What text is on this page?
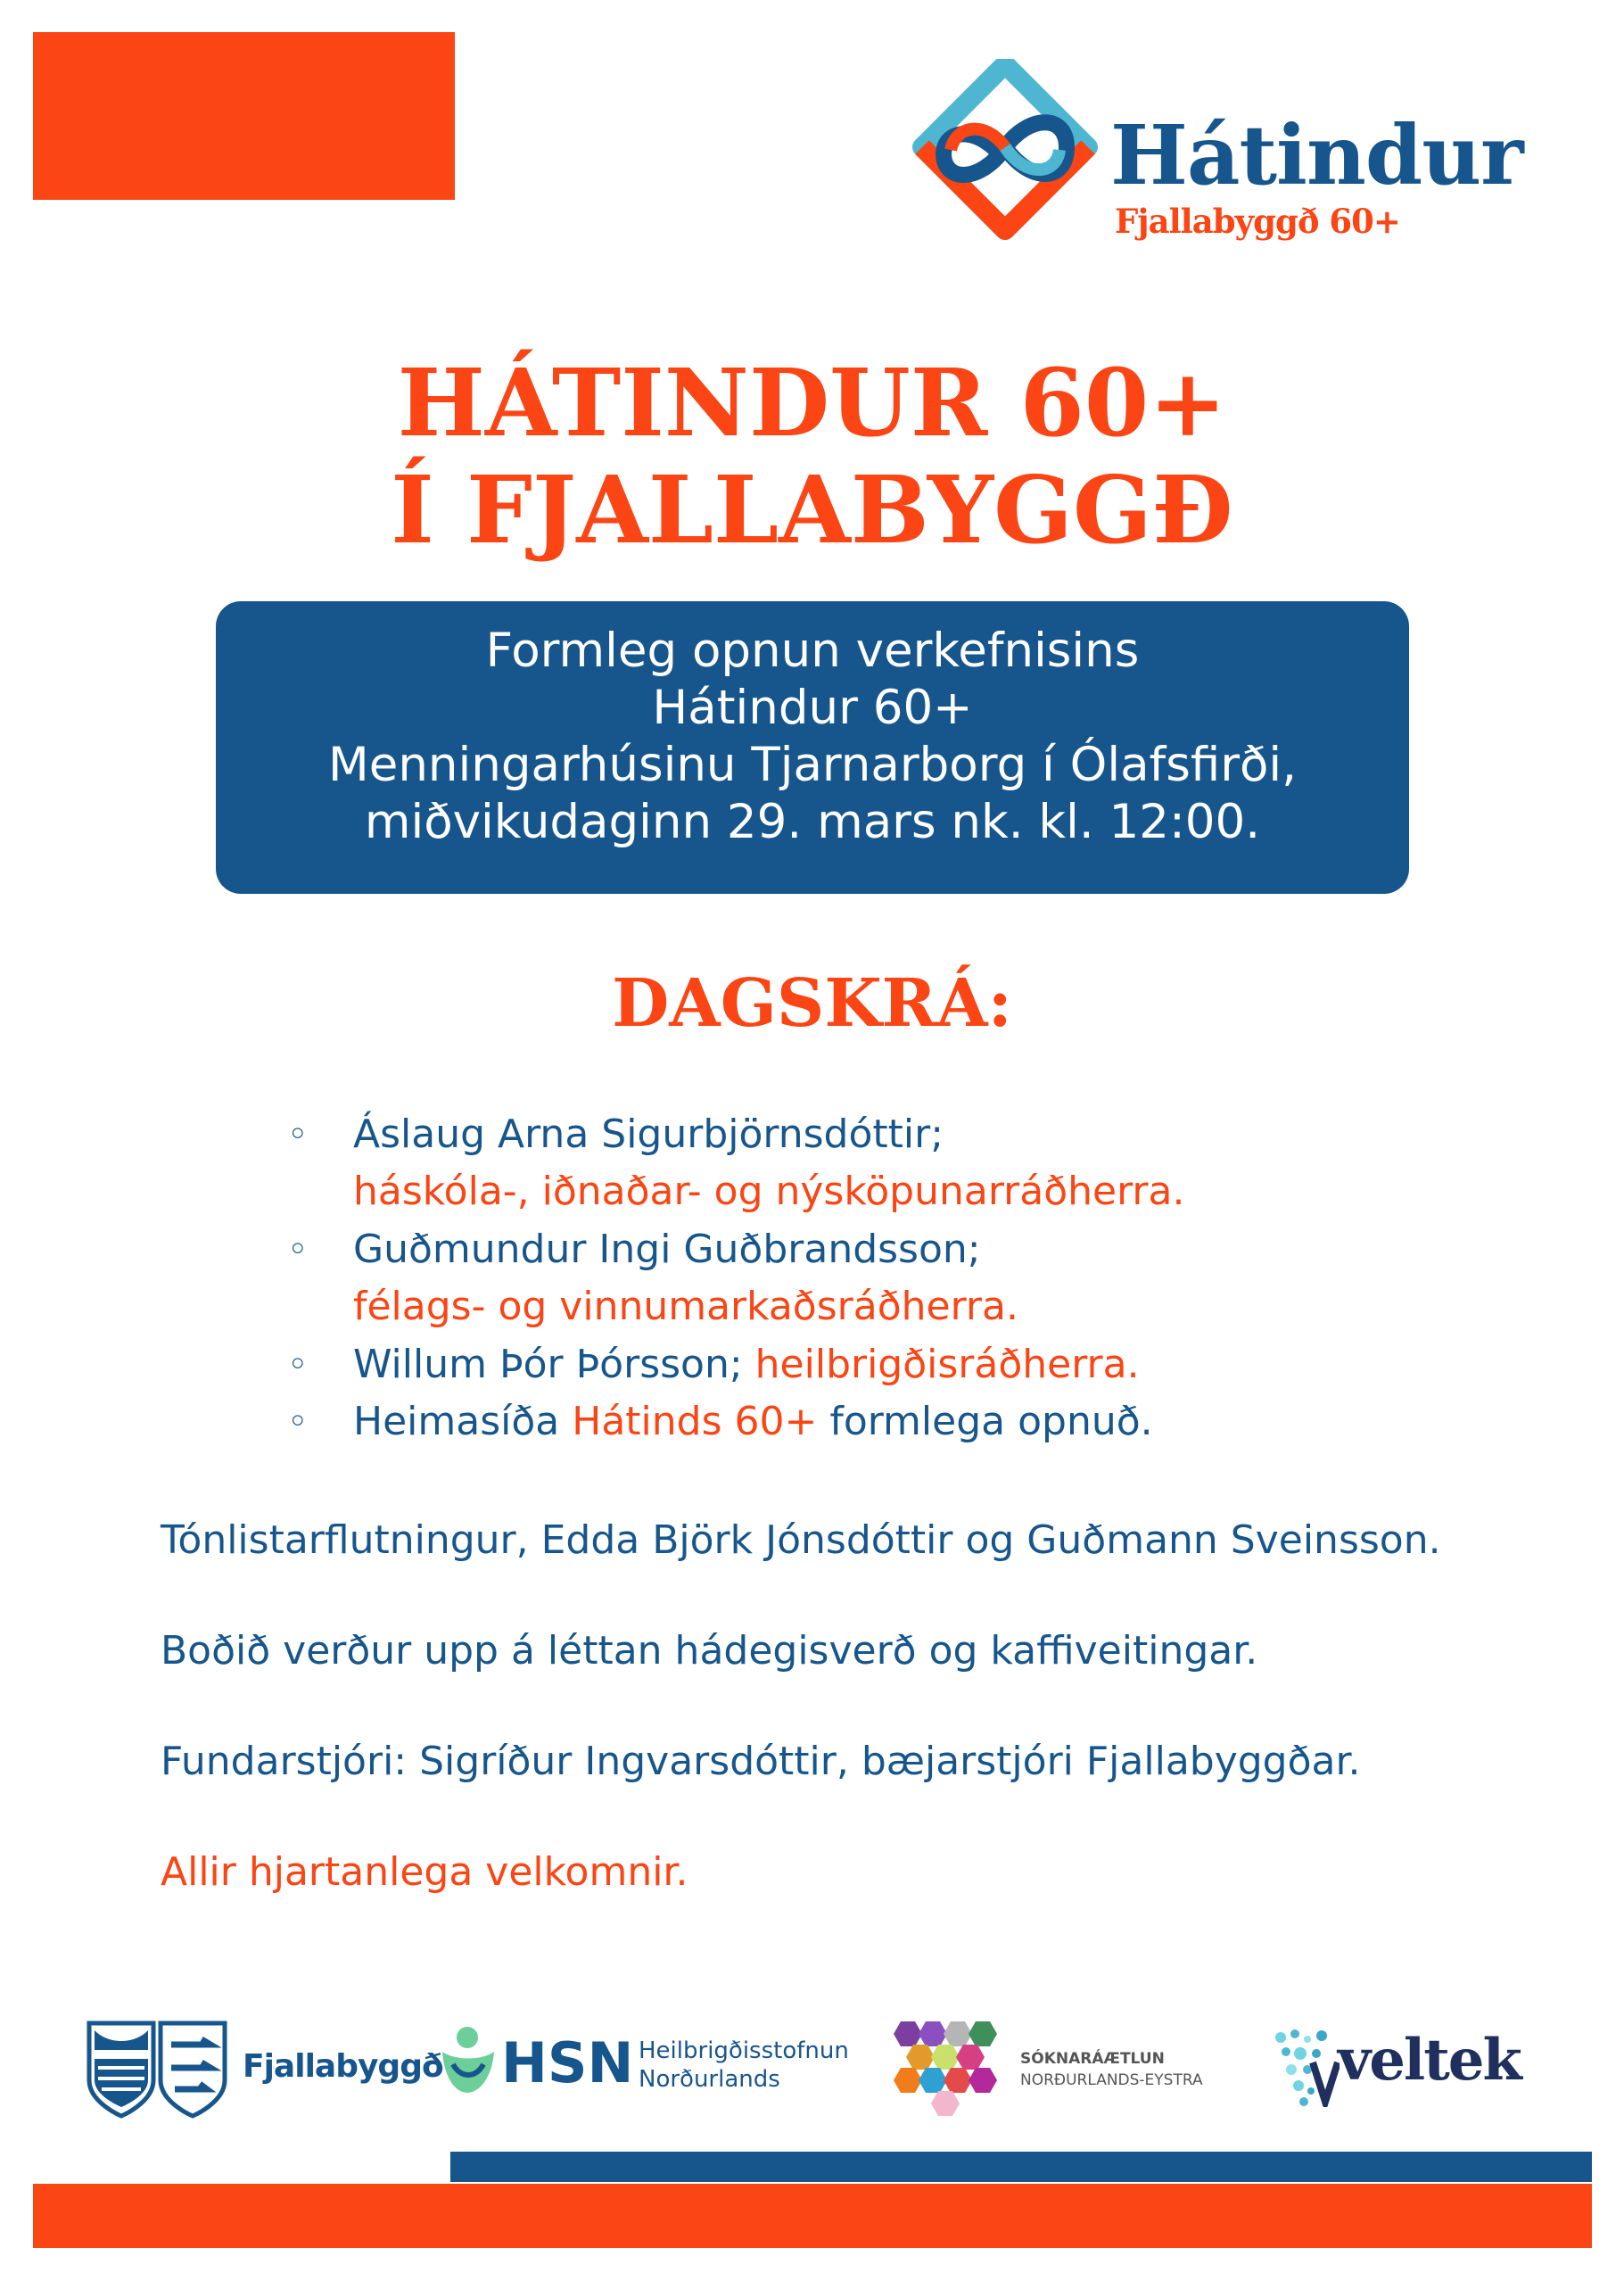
Hátindur
Fjallabyggð 60+
HÁTINDUR 60+
Í FJALLABYGGÐ
Formleg opnun verkefnisins
Hátindur 60+
Menningarhúsinu Tjarnarborg í Ólafsfirði,
miðvikudaginn 29. mars nk. kl. 12:00.
DAGSKRÁ:
◦ Áslaug Arna Sigurbjörnsdóttir;
háskóla-, iðnaðar- og nýsköpunarráðherra.
◦ Guðmundur Ingi Guðbrandsson;
félags- og vinnumarkaðsráðherra.
◦ Willum Þór Þórsson; heilbrigðisráðherra.
◦ Heimasíða Hátinds 60+ formlega opnuð.
Tónlistarflutningur, Edda Björk Jónsdóttir og Guðmann Sveinsson.
Boðið verður upp á léttan hádegisverð og kaffiveitingar.
Fundarstjóri: Sigríður Ingvarsdóttir, bæjarstjóri Fjallabyggðar.
Allir hjartanlega velkomnir.
Fjallabyggð HSN Heilbrigðisstofnun
Norðurlands
SÓKNARÁÆTLUN
NORÐURLANDS-EYSTRA veltek
